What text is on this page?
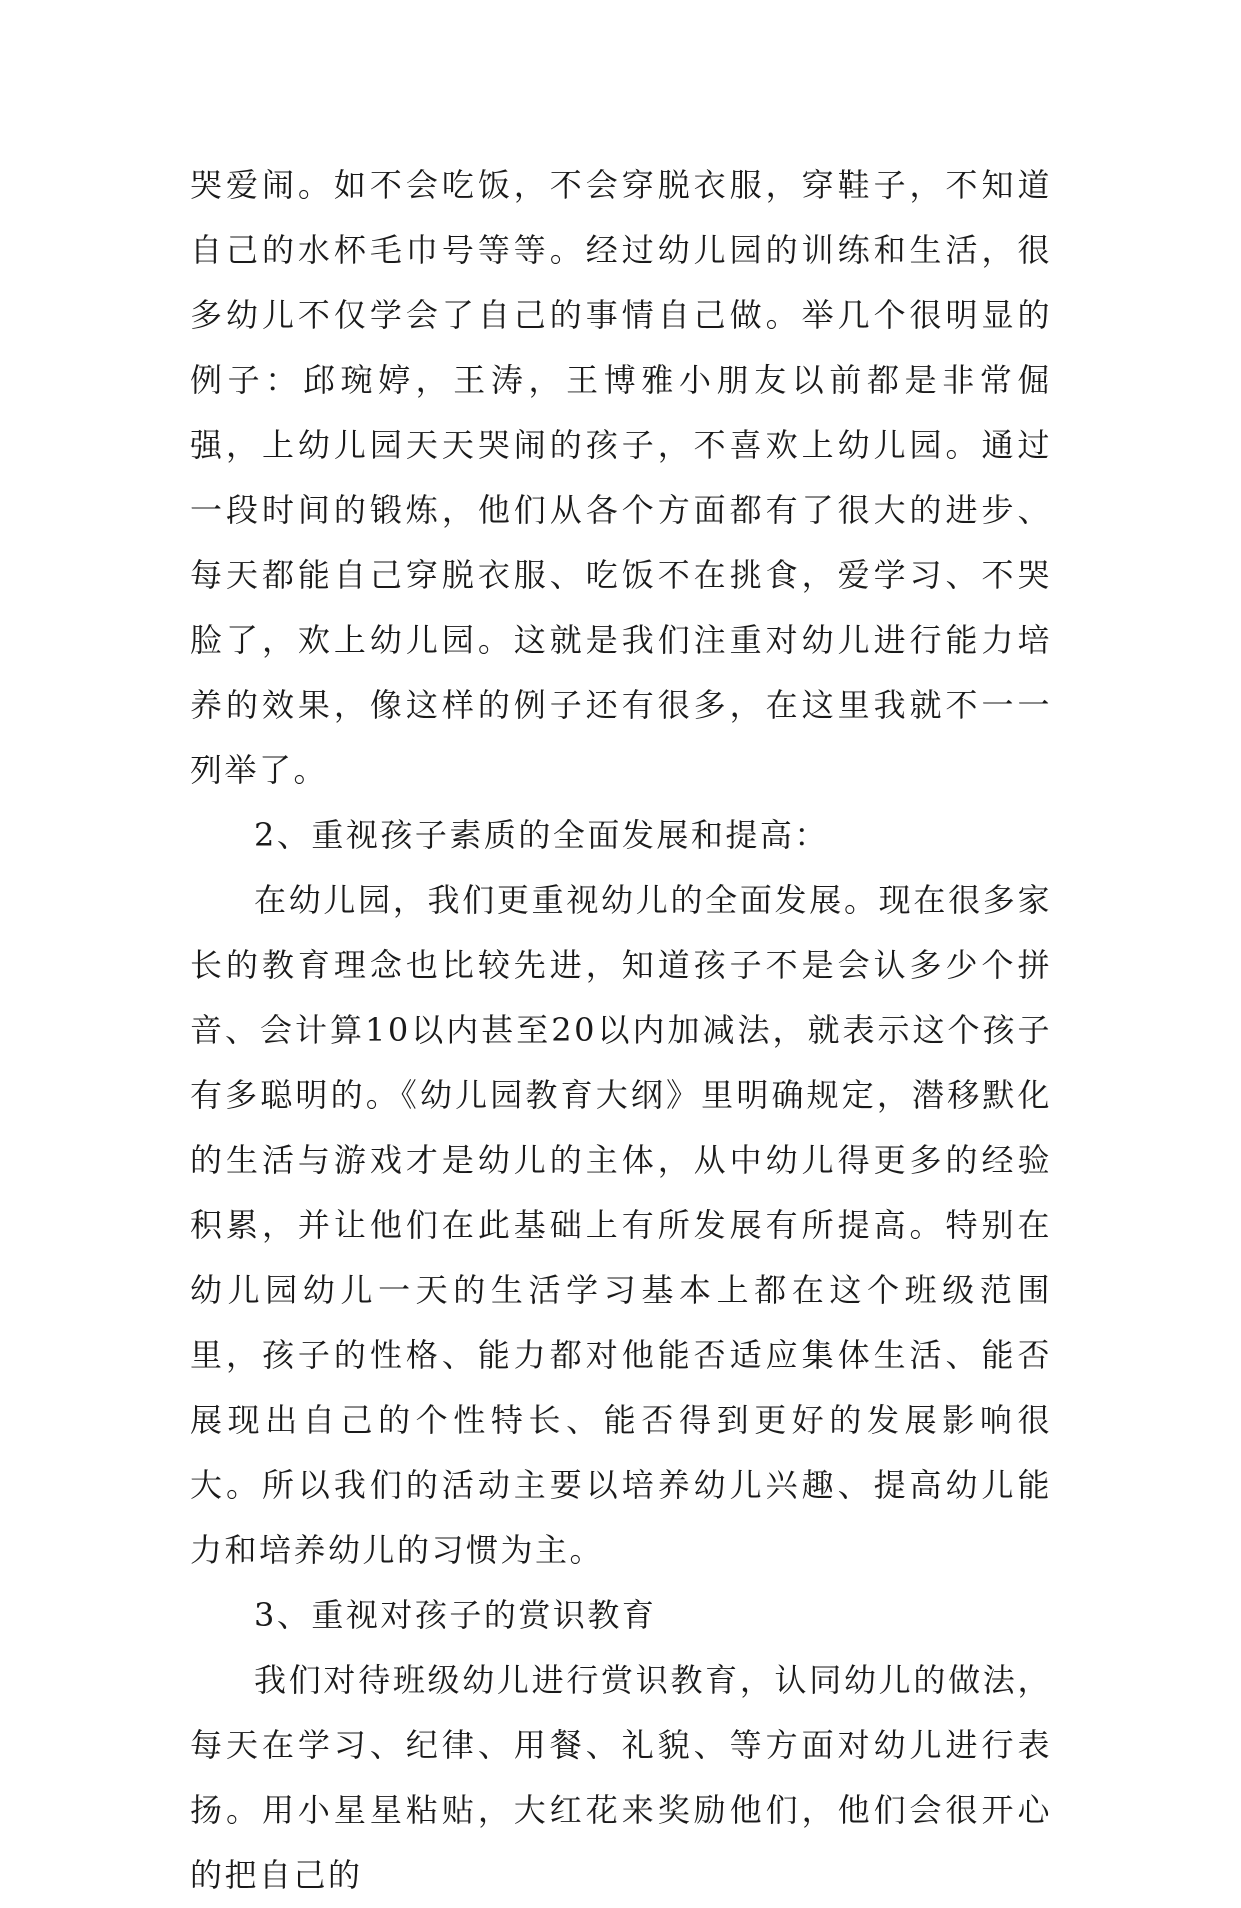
哭爱闹。如不会吃饭，不会穿脱衣服，穿鞋子，不知道自己的水杯毛巾号等等。经过幼儿园的训练和生活，很多幼儿不仅学会了自己的事情自己做。举几个很明显的例子：邱琬婷，王涛，王博雅小朋友以前都是非常倔强，上幼儿园天天哭闹的孩子，不喜欢上幼儿园。通过一段时间的锻炼，他们从各个方面都有了很大的进步、每天都能自己穿脱衣服、吃饭不在挑食，爱学习、不哭脸了，欢上幼儿园。这就是我们注重对幼儿进行能力培养的效果，像这样的例子还有很多，在这里我就不一一列举了。

2、重视孩子素质的全面发展和提高：

在幼儿园，我们更重视幼儿的全面发展。现在很多家长的教育理念也比较先进，知道孩子不是会认多少个拼音、会计算10以内甚至20以内加减法，就表示这个孩子有多聪明的。《幼儿园教育大纲》里明确规定，潜移默化的生活与游戏才是幼儿的主体，从中幼儿得更多的经验积累，并让他们在此基础上有所发展有所提高。特别在幼儿园幼儿一天的生活学习基本上都在这个班级范围里，孩子的性格、能力都对他能否适应集体生活、能否展现出自己的个性特长、能否得到更好的发展影响很大。所以我们的活动主要以培养幼儿兴趣、提高幼儿能力和培养幼儿的习惯为主。

3、重视对孩子的赏识教育

我们对待班级幼儿进行赏识教育，认同幼儿的做法，每天在学习、纪律、用餐、礼貌、等方面对幼儿进行表扬。用小星星粘贴，大红花来奖励他们，他们会很开心的把自己的
